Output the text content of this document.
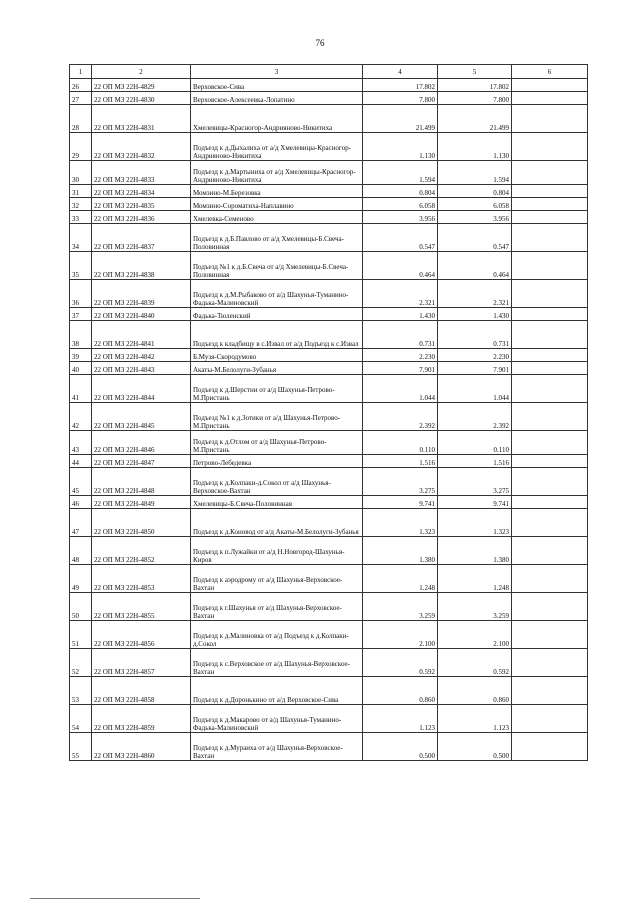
76
1	2	3	4	5	6
26	22 ОП МЗ 22Н-4829	Верховское-Сива	17.802	17.802	
27	22 ОП МЗ 22Н-4830	Верховское-Алексеевка-Лопатино	7.800	7.800	
28	22 ОП МЗ 22Н-4831	Хмелевицы-Красногор-Андрияново-Никитиха	21.499	21.499	
29	22 ОП МЗ 22Н-4832	Подъезд к д.Дыхалиха от а/д Хмелевицы-Красногор-Андрияново-Никитиха	1.130	1.130	
30	22 ОП МЗ 22Н-4833	Подъезд к д.Мартыниха от а/д Хмелевицы-Красногор-Андрияново-Никитиха	1.594	1.594	
31	22 ОП МЗ 22Н-4834	Момзино-М.Березовка	0.804	0.804	
32	22 ОП МЗ 22Н-4835	Момзино-Сороматиха-Наплавино	6.058	6.058	
33	22 ОП МЗ 22Н-4836	Хмелевка-Семеново	3.956	3.956	
34	22 ОП МЗ 22Н-4837	Подъезд к д.Б.Павлово от а/д Хмелевицы-Б.Свеча-Половинная	0.547	0.547	
35	22 ОП МЗ 22Н-4838	Подъезд №1 к д.Б.Свеча от а/д Хмелевицы-Б.Свеча-Половинная	0.464	0.464	
36	22 ОП МЗ 22Н-4839	Подъезд к д.М.Рыбаково от а/д Шахунья-Туманино-Фадька-Малиновский	2.321	2.321	
37	22 ОП МЗ 22Н-4840	Фадька-Тюленский	1.430	1.430	
38	22 ОП МЗ 22Н-4841	Подъезд к кладбищу в с.Извал от а/д Подъезд к с.Извал	0.731	0.731	
39	22 ОП МЗ 22Н-4842	Б.Музя-Скородумово	2.230	2.230	
40	22 ОП МЗ 22Н-4843	Акаты-М.Белолуги-Зубанья	7.901	7.901	
41	22 ОП МЗ 22Н-4844	Подъезд к д.Шерстни от а/д Шахунья-Петрово-М.Пристань	1.044	1.044	
42	22 ОП МЗ 22Н-4845	Подъезд №1 к д.Зотики от а/д Шахунья-Петрово-М.Пристань	2.392	2.392	
43	22 ОП МЗ 22Н-4846	Подъезд к д.Отлом от а/д Шахунья-Петрово-М.Пристань	0.110	0.110	
44	22 ОП МЗ 22Н-4847	Петрово-Лебедевка	1.516	1.516	
45	22 ОП МЗ 22Н-4848	Подъезд к д.Колпаки-д.Сокол от а/д Шахунья-Верховское-Вахтан	3.275	3.275	
46	22 ОП МЗ 22Н-4849	Хмелевицы-Б.Свеча-Половинная	9.741	9.741	
47	22 ОП МЗ 22Н-4850	Подъезд к д.Коновод от а/д Акаты-М.Белолуги-Зубанья	1.323	1.323	
48	22 ОП МЗ 22Н-4852	Подъезд к п.Лужайки от а/д Н.Новгород-Шахунья-Киров	1.380	1.380	
49	22 ОП МЗ 22Н-4853	Подъезд к аэродрому от а/д Шахунья-Верховское-Вахтан	1.248	1.248	
50	22 ОП МЗ 22Н-4855	Подъезд к г.Шахунья от а/д Шахунья-Верховское-Вахтан	3.259	3.259	
51	22 ОП МЗ 22Н-4856	Подъезд к д.Малиновка от а/д Подъезд к д.Колпаки-д.Сокол	2.100	2.100	
52	22 ОП МЗ 22Н-4857	Подъезд к с.Верховское от а/д Шахунья-Верховское-Вахтан	0.592	0.592	
53	22 ОП МЗ 22Н-4858	Подъезд к д.Доронькино от а/д Верховское-Сива	0.860	0.860	
54	22 ОП МЗ 22Н-4859	Подъезд к д.Макарово от а/д Шахунья-Туманино-Фадька-Малиновский	1.123	1.123	
55	22 ОП МЗ 22Н-4860	Подъезд к д.Мураиха от а/д Шахунья-Верховское-Вахтан	0.500	0.500	
